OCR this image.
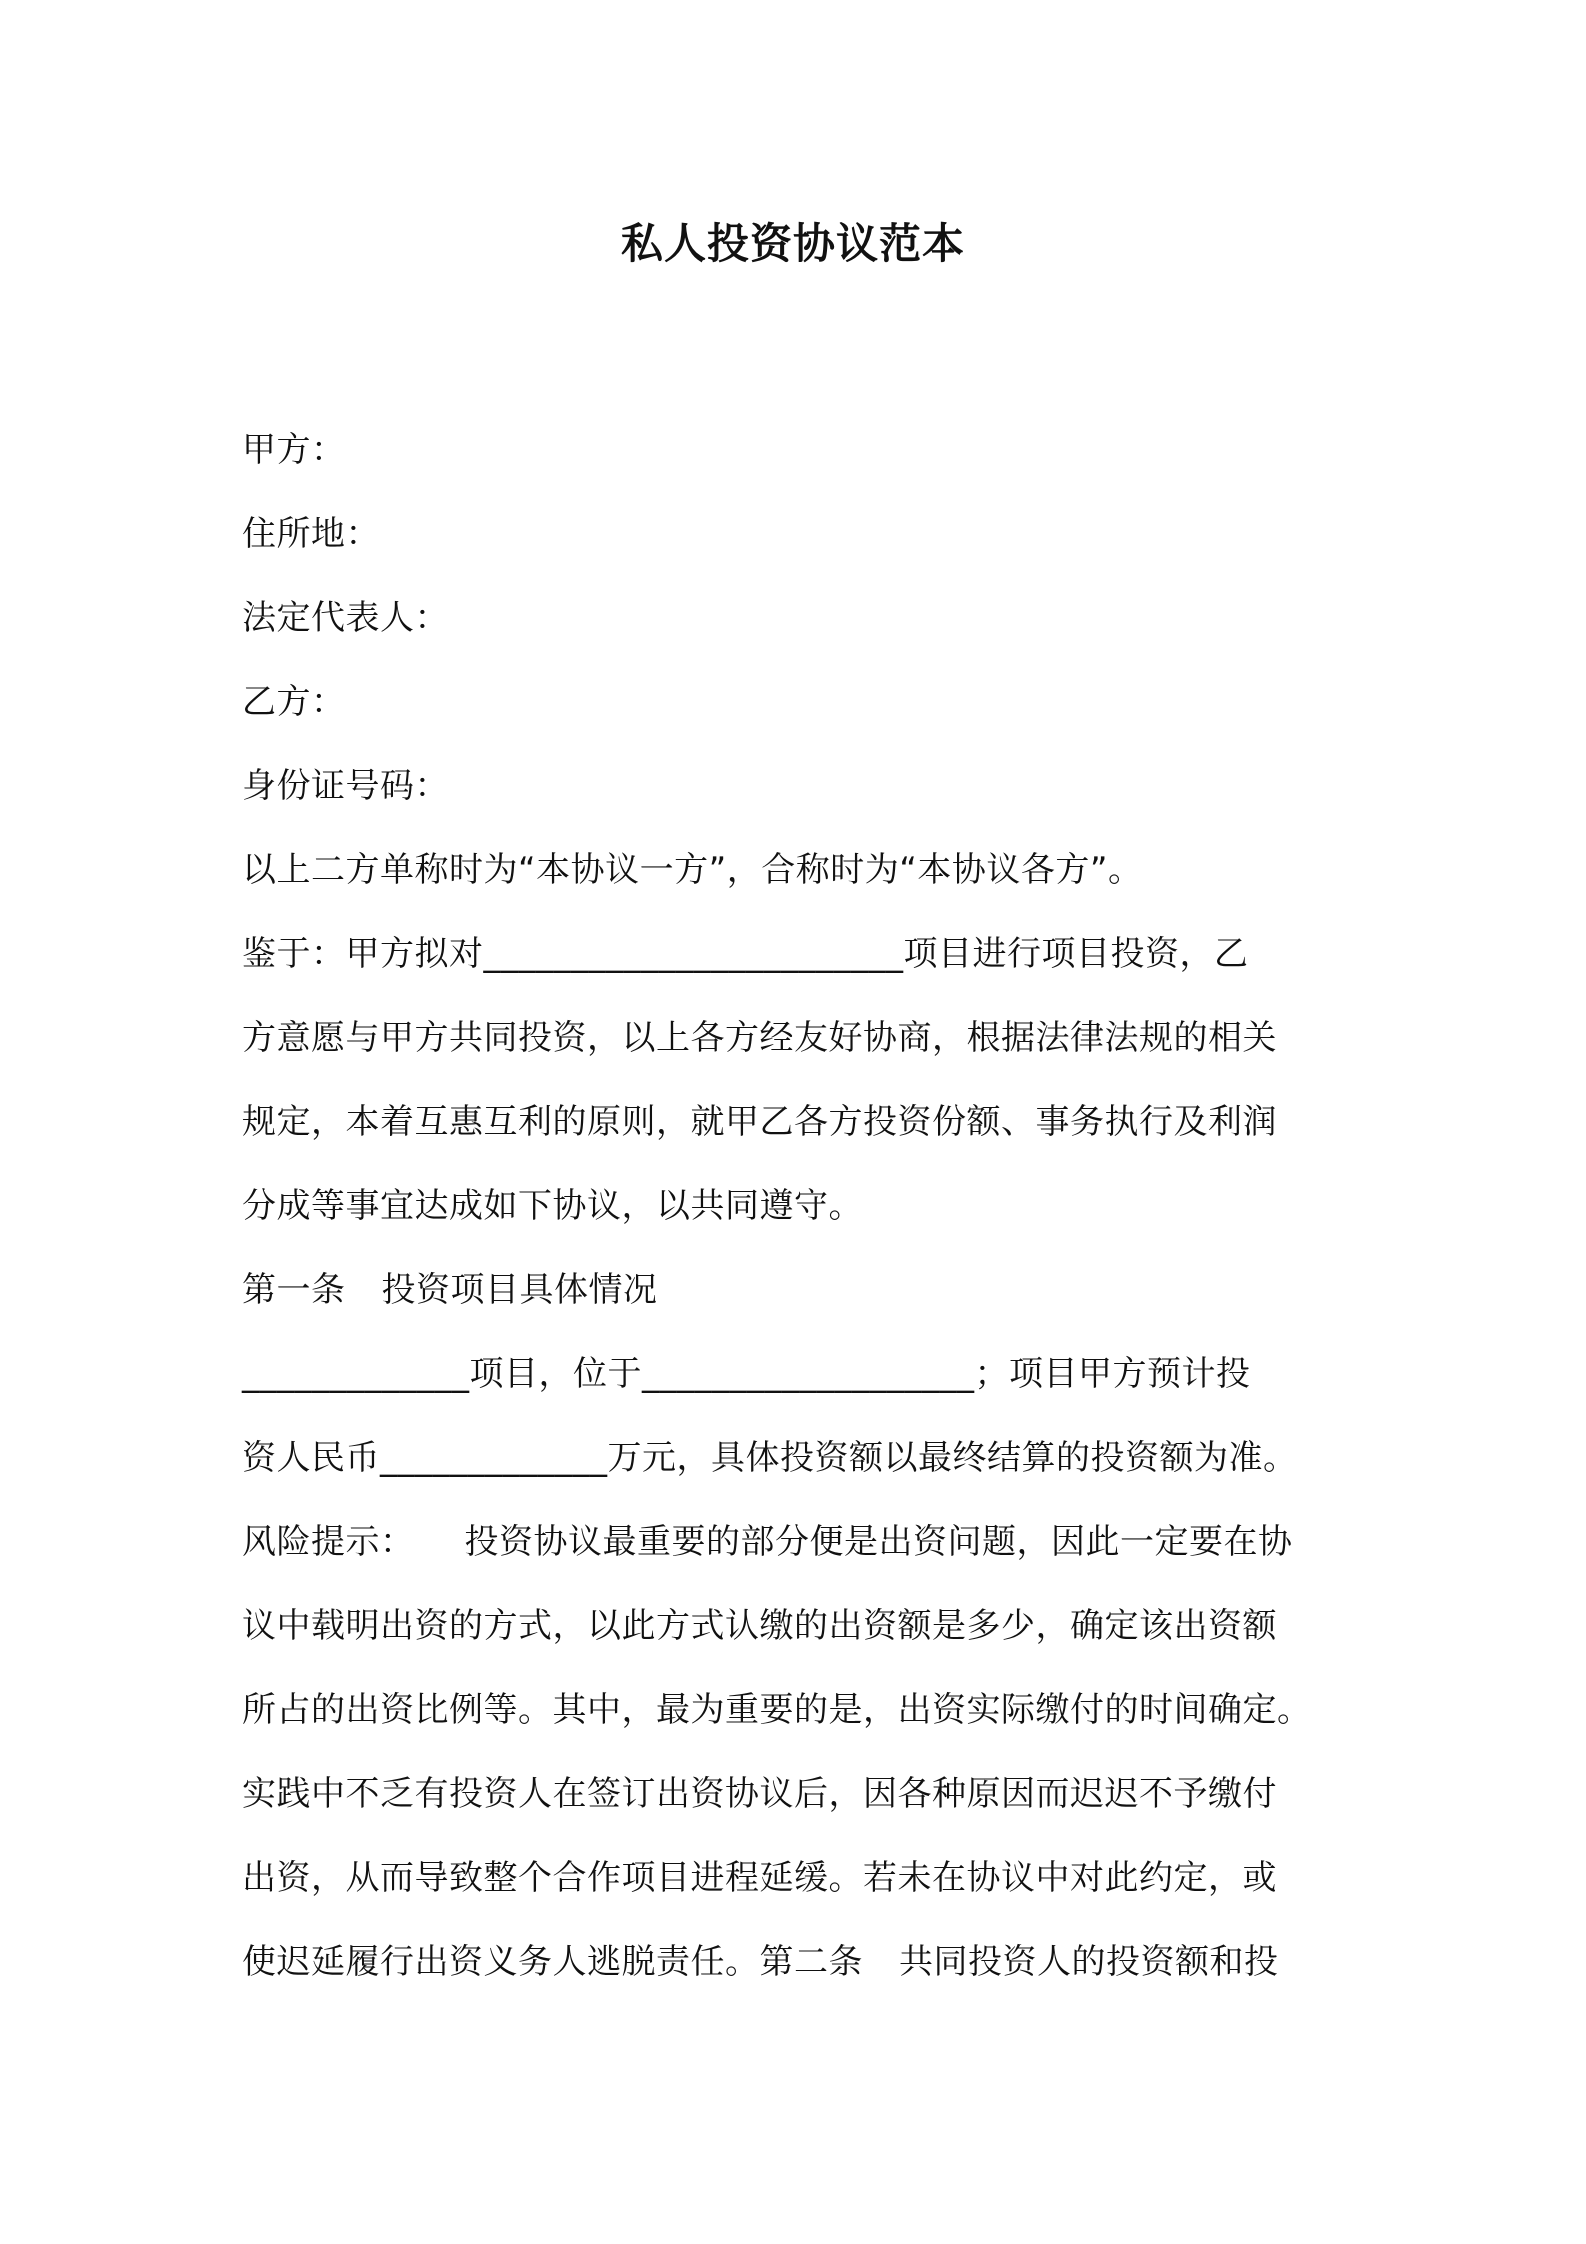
私人投资协议范本
甲方：
住所地：
法定代表人：
乙方：
身份证号码：
以上二方单称时为“本协议一方”，合称时为“本协议各方”。
鉴于：甲方拟对________________________项目进行项目投资，乙
方意愿与甲方共同投资，以上各方经友好协商，根据法律法规的相关
规定，本着互惠互利的原则，就甲乙各方投资份额、事务执行及利润
分成等事宜达成如下协议，以共同遵守。
第一条 投资项目具体情况
_____________项目，位于___________________；项目甲方预计投
资人民币_____________万元，具体投资额以最终结算的投资额为准。
风险提示： 投资协议最重要的部分便是出资问题，因此一定要在协
议中载明出资的方式，以此方式认缴的出资额是多少，确定该出资额
所占的出资比例等。其中，最为重要的是，出资实际缴付的时间确定。
实践中不乏有投资人在签订出资协议后，因各种原因而迟迟不予缴付
出资，从而导致整个合作项目进程延缓。若未在协议中对此约定，或
使迟延履行出资义务人逃脱责任。第二条 共同投资人的投资额和投
